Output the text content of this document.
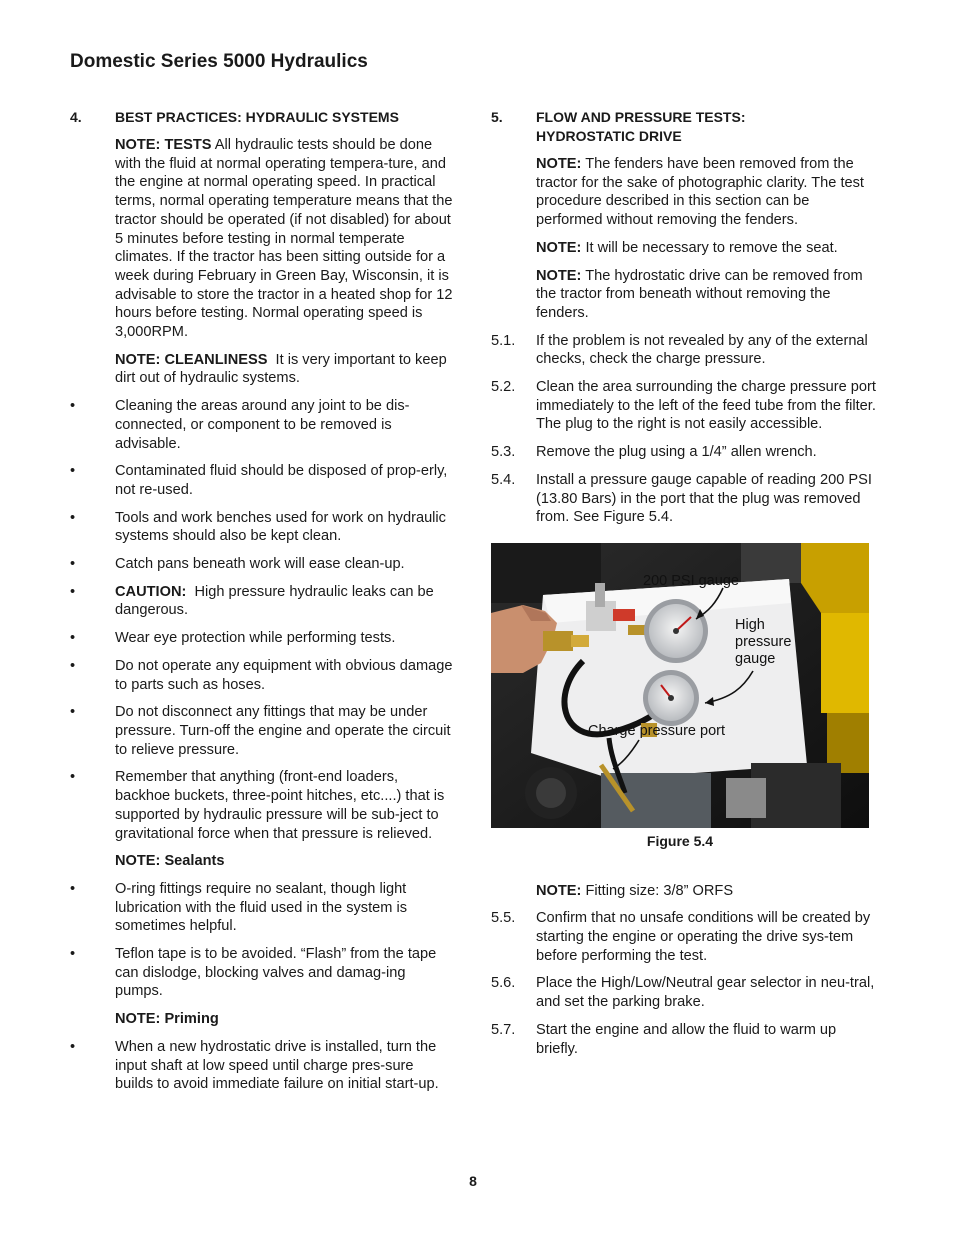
Domestic Series 5000 Hydraulics
4.	BEST PRACTICES: HYDRAULIC SYSTEMS
NOTE: TESTS All hydraulic tests should be done with the fluid at normal operating tempera-ture, and the engine at normal operating speed. In practical terms, normal operating temperature means that the tractor should be operated (if not disabled) for about 5 minutes before testing in normal temperate climates. If the tractor has been sitting outside for a week during February in Green Bay, Wisconsin, it is advisable to store the tractor in a heated shop for 12 hours before testing. Normal operating speed is 3,000RPM.
NOTE: CLEANLINESS It is very important to keep dirt out of hydraulic systems.
•	Cleaning the areas around any joint to be dis-connected, or component to be removed is advisable.
•	Contaminated fluid should be disposed of prop-erly, not re-used.
•	Tools and work benches used for work on hydraulic systems should also be kept clean.
•	Catch pans beneath work will ease clean-up.
•	CAUTION: High pressure hydraulic leaks can be dangerous.
•	Wear eye protection while performing tests.
•	Do not operate any equipment with obvious damage to parts such as hoses.
•	Do not disconnect any fittings that may be under pressure. Turn-off the engine and operate the circuit to relieve pressure.
•	Remember that anything (front-end loaders, backhoe buckets, three-point hitches, etc....) that is supported by hydraulic pressure will be sub-ject to gravitational force when that pressure is relieved.
NOTE: Sealants
•	O-ring fittings require no sealant, though light lubrication with the fluid used in the system is sometimes helpful.
•	Teflon tape is to be avoided. “Flash” from the tape can dislodge, blocking valves and damag-ing pumps.
NOTE: Priming
•	When a new hydrostatic drive is installed, turn the input shaft at low speed until charge pres-sure builds to avoid immediate failure on initial start-up.
5.	FLOW AND PRESSURE TESTS:
HYDROSTATIC DRIVE
NOTE: The fenders have been removed from the tractor for the sake of photographic clarity. The test procedure described in this section can be performed without removing the fenders.
NOTE: It will be necessary to remove the seat.
NOTE: The hydrostatic drive can be removed from the tractor from beneath without removing the fenders.
5.1.	If the problem is not revealed by any of the external checks, check the charge pressure.
5.2.	Clean the area surrounding the charge pressure port immediately to the left of the feed tube from the filter. The plug to the right is not easily accessible.
5.3.	Remove the plug using a 1/4” allen wrench.
5.4.	Install a pressure gauge capable of reading 200 PSI (13.80 Bars) in the port that the plug was removed from. See Figure 5.4.
200 PSI gauge
High
pressure
gauge
Charge pressure port
Figure 5.4
NOTE: Fitting size: 3/8” ORFS
5.5.	Confirm that no unsafe conditions will be created by starting the engine or operating the drive sys-tem before performing the test.
5.6.	Place the High/Low/Neutral gear selector in neu-tral, and set the parking brake.
5.7.	Start the engine and allow the fluid to warm up briefly.
8
